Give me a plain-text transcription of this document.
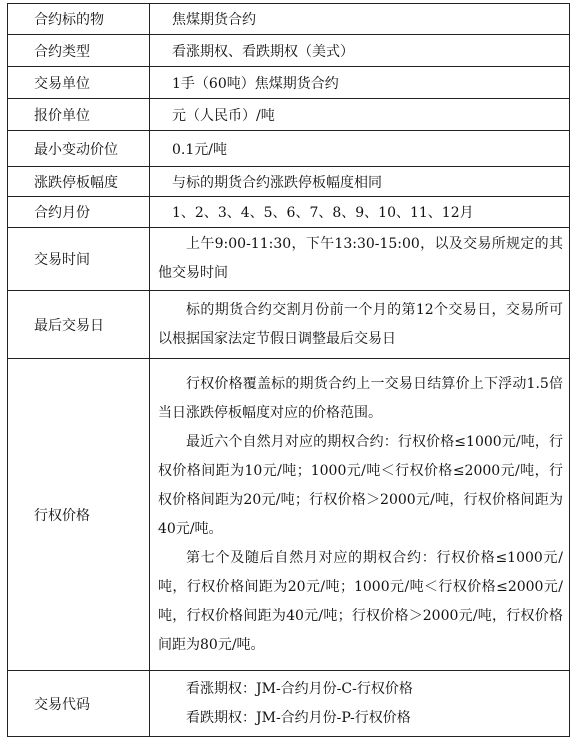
合约标的物	焦煤期货合约
合约类型	看涨期权、看跌期权（美式）
交易单位	1手（60吨）焦煤期货合约
报价单位	元（人民币）/吨
最小变动价位	0.1元/吨
涨跌停板幅度	与标的期货合约涨跌停板幅度相同
合约月份	1、2、3、4、5、6、7、8、9、10、11、12月
交易时间	上午9:00-11:30，下午13:30-15:00，以及交易所规定的其他交易时间
最后交易日	标的期货合约交割月份前一个月的第12个交易日，交易所可以根据国家法定节假日调整最后交易日
行权价格	行权价格覆盖标的期货合约上一交易日结算价上下浮动1.5倍当日涨跌停板幅度对应的价格范围。

最近六个自然月对应的期权合约：行权价格≤1000元/吨，行权价格间距为10元/吨；1000元/吨＜行权价格≤2000元/吨，行权价格间距为20元/吨；行权价格＞2000元/吨，行权价格间距为40元/吨。

第七个及随后自然月对应的期权合约：行权价格≤1000元/吨，行权价格间距为20元/吨；1000元/吨＜行权价格≤2000元/吨，行权价格间距为40元/吨；行权价格＞2000元/吨，行权价格间距为80元/吨。

交易代码	看涨期权：JM-合约月份-C-行权价格

看跌期权：JM-合约月份-P-行权价格
